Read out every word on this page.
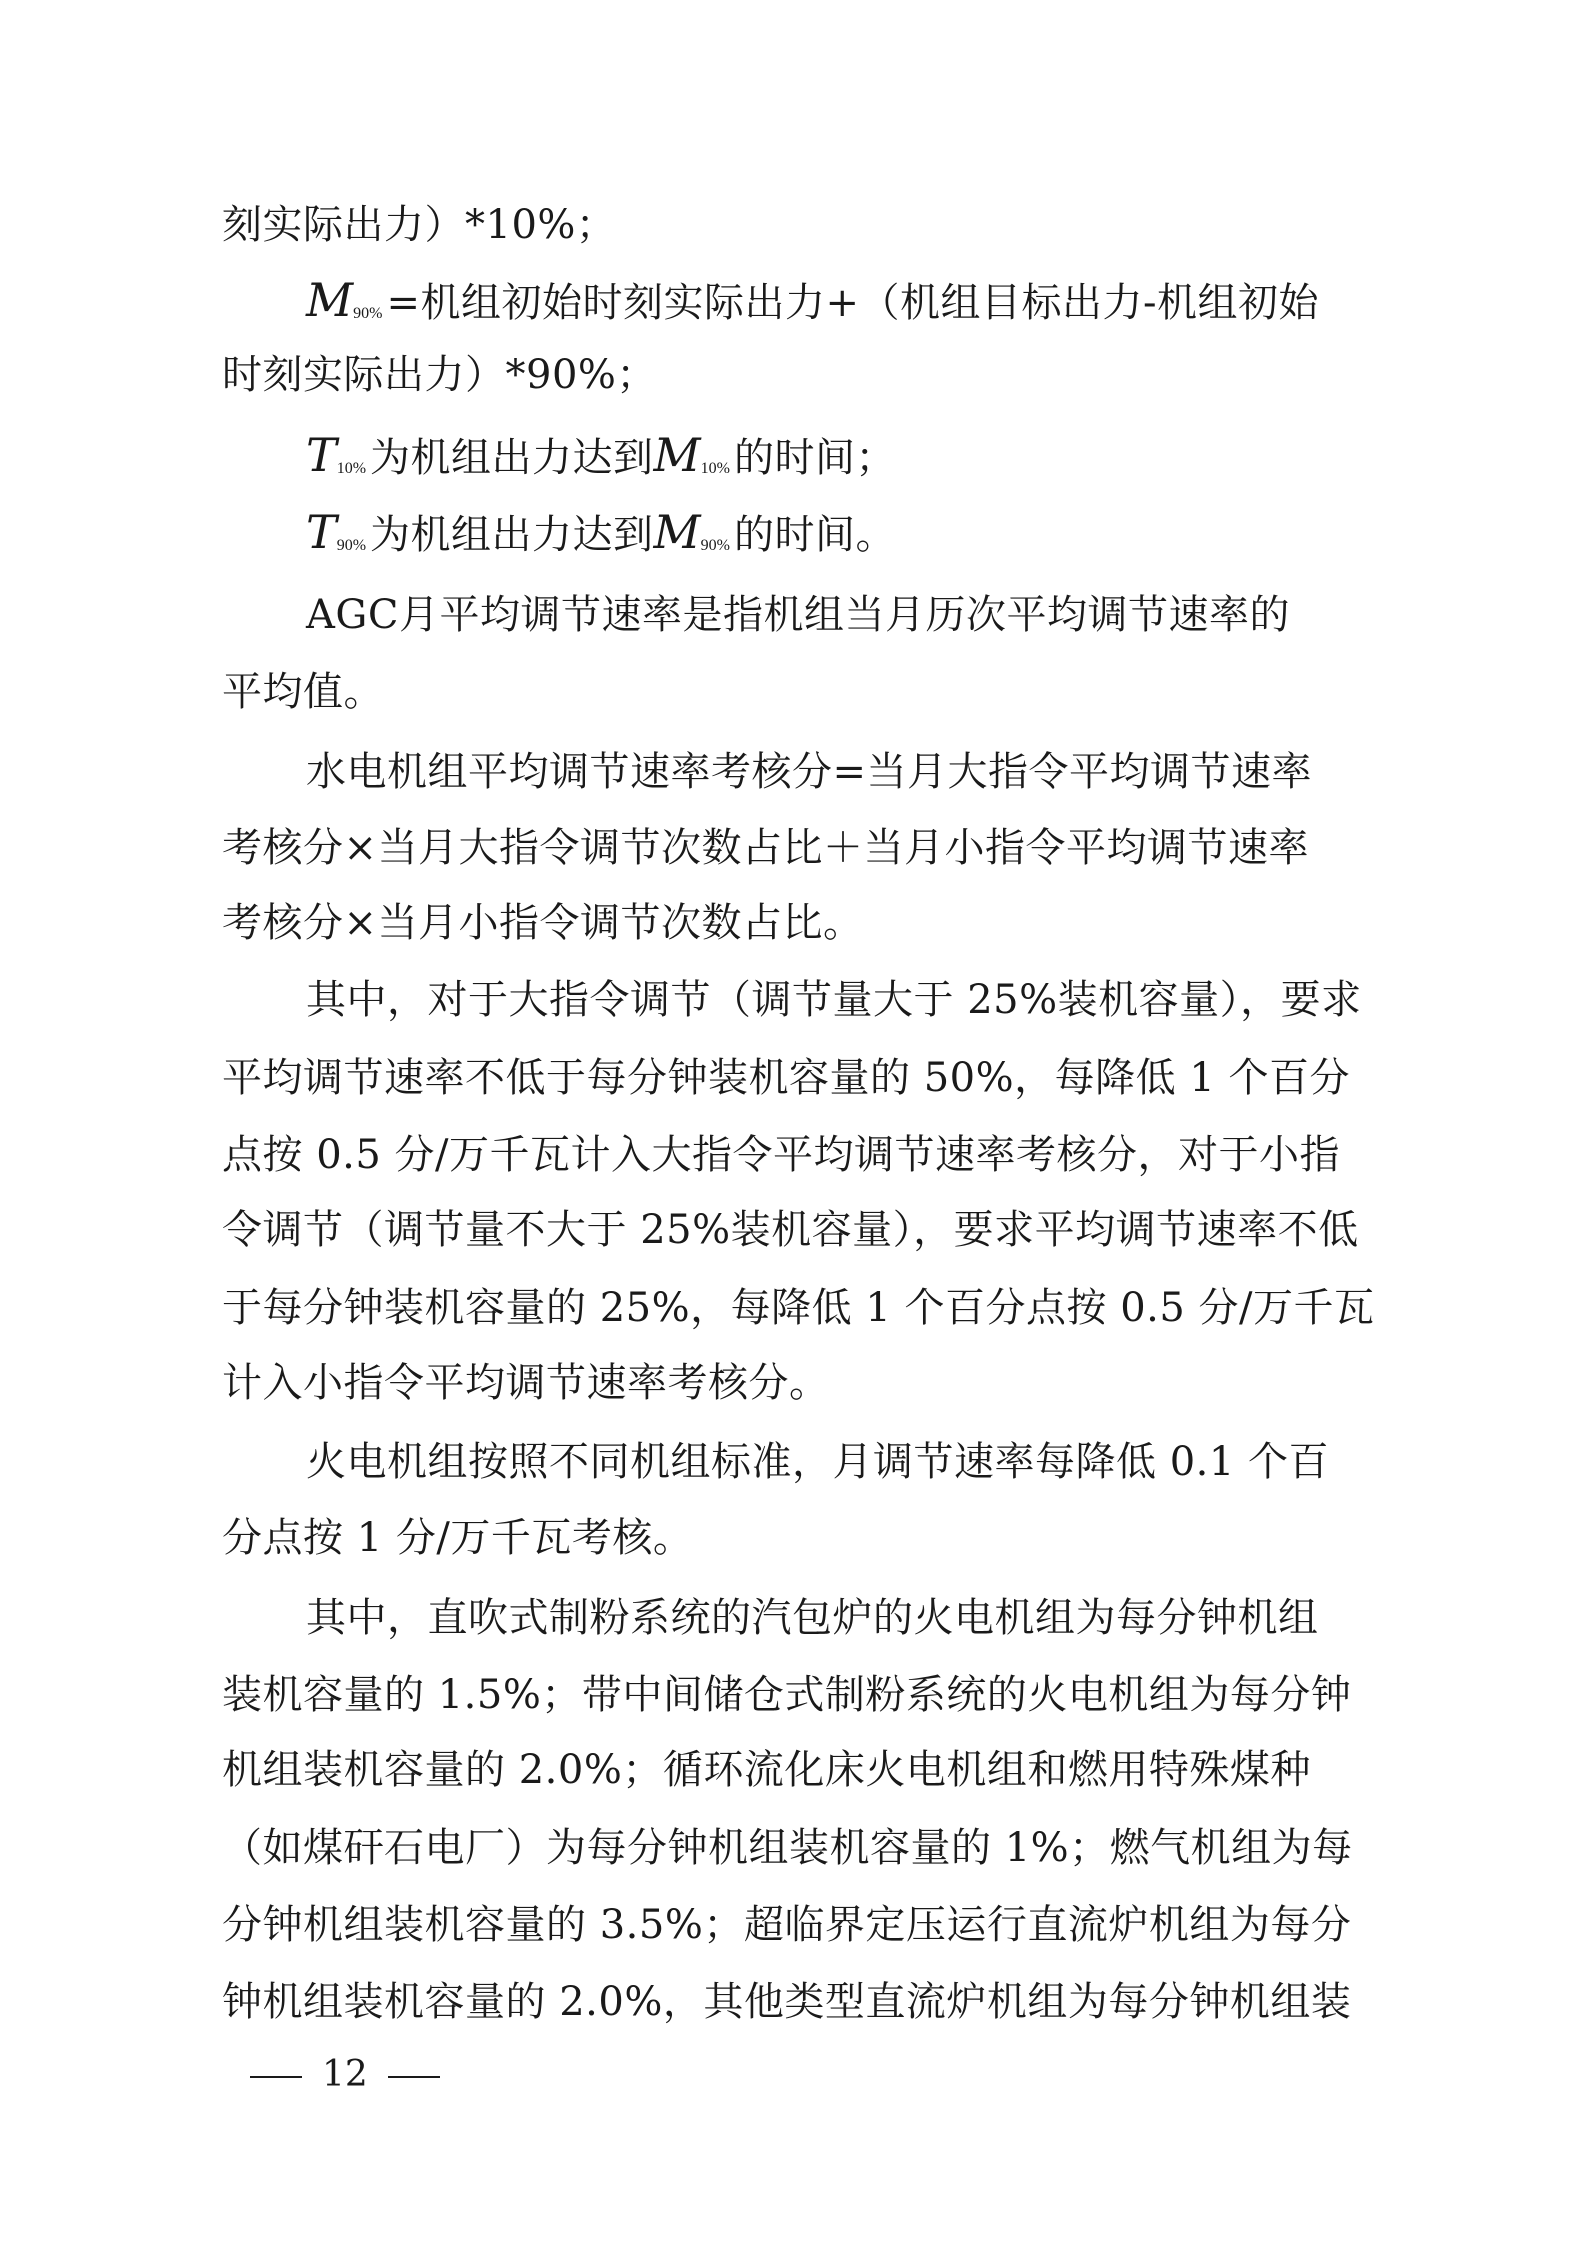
刻实际出力）*10%；
M90% =机组初始时刻实际出力+（机组目标出力-机组初始
时刻实际出力）*90%；
T10% 为机组出力达到M10% 的时间；
T90% 为机组出力达到M90% 的时间。
AGC月平均调节速率是指机组当月历次平均调节速率的
平均值。
水电机组平均调节速率考核分=当月大指令平均调节速率
考核分×当月大指令调节次数占比＋当月小指令平均调节速率
考核分×当月小指令调节次数占比。
其中，对于大指令调节（调节量大于 25%装机容量），要求
平均调节速率不低于每分钟装机容量的 50%，每降低 1 个百分
点按 0.5 分/万千瓦计入大指令平均调节速率考核分，对于小指
令调节（调节量不大于 25%装机容量），要求平均调节速率不低
于每分钟装机容量的 25%，每降低 1 个百分点按 0.5 分/万千瓦
计入小指令平均调节速率考核分。
火电机组按照不同机组标准，月调节速率每降低 0.1 个百
分点按 1 分/万千瓦考核。
其中，直吹式制粉系统的汽包炉的火电机组为每分钟机组
装机容量的 1.5%；带中间储仓式制粉系统的火电机组为每分钟
机组装机容量的 2.0%；循环流化床火电机组和燃用特殊煤种
（如煤矸石电厂）为每分钟机组装机容量的 1%；燃气机组为每
分钟机组装机容量的 3.5%；超临界定压运行直流炉机组为每分
钟机组装机容量的 2.0%，其他类型直流炉机组为每分钟机组装
12
